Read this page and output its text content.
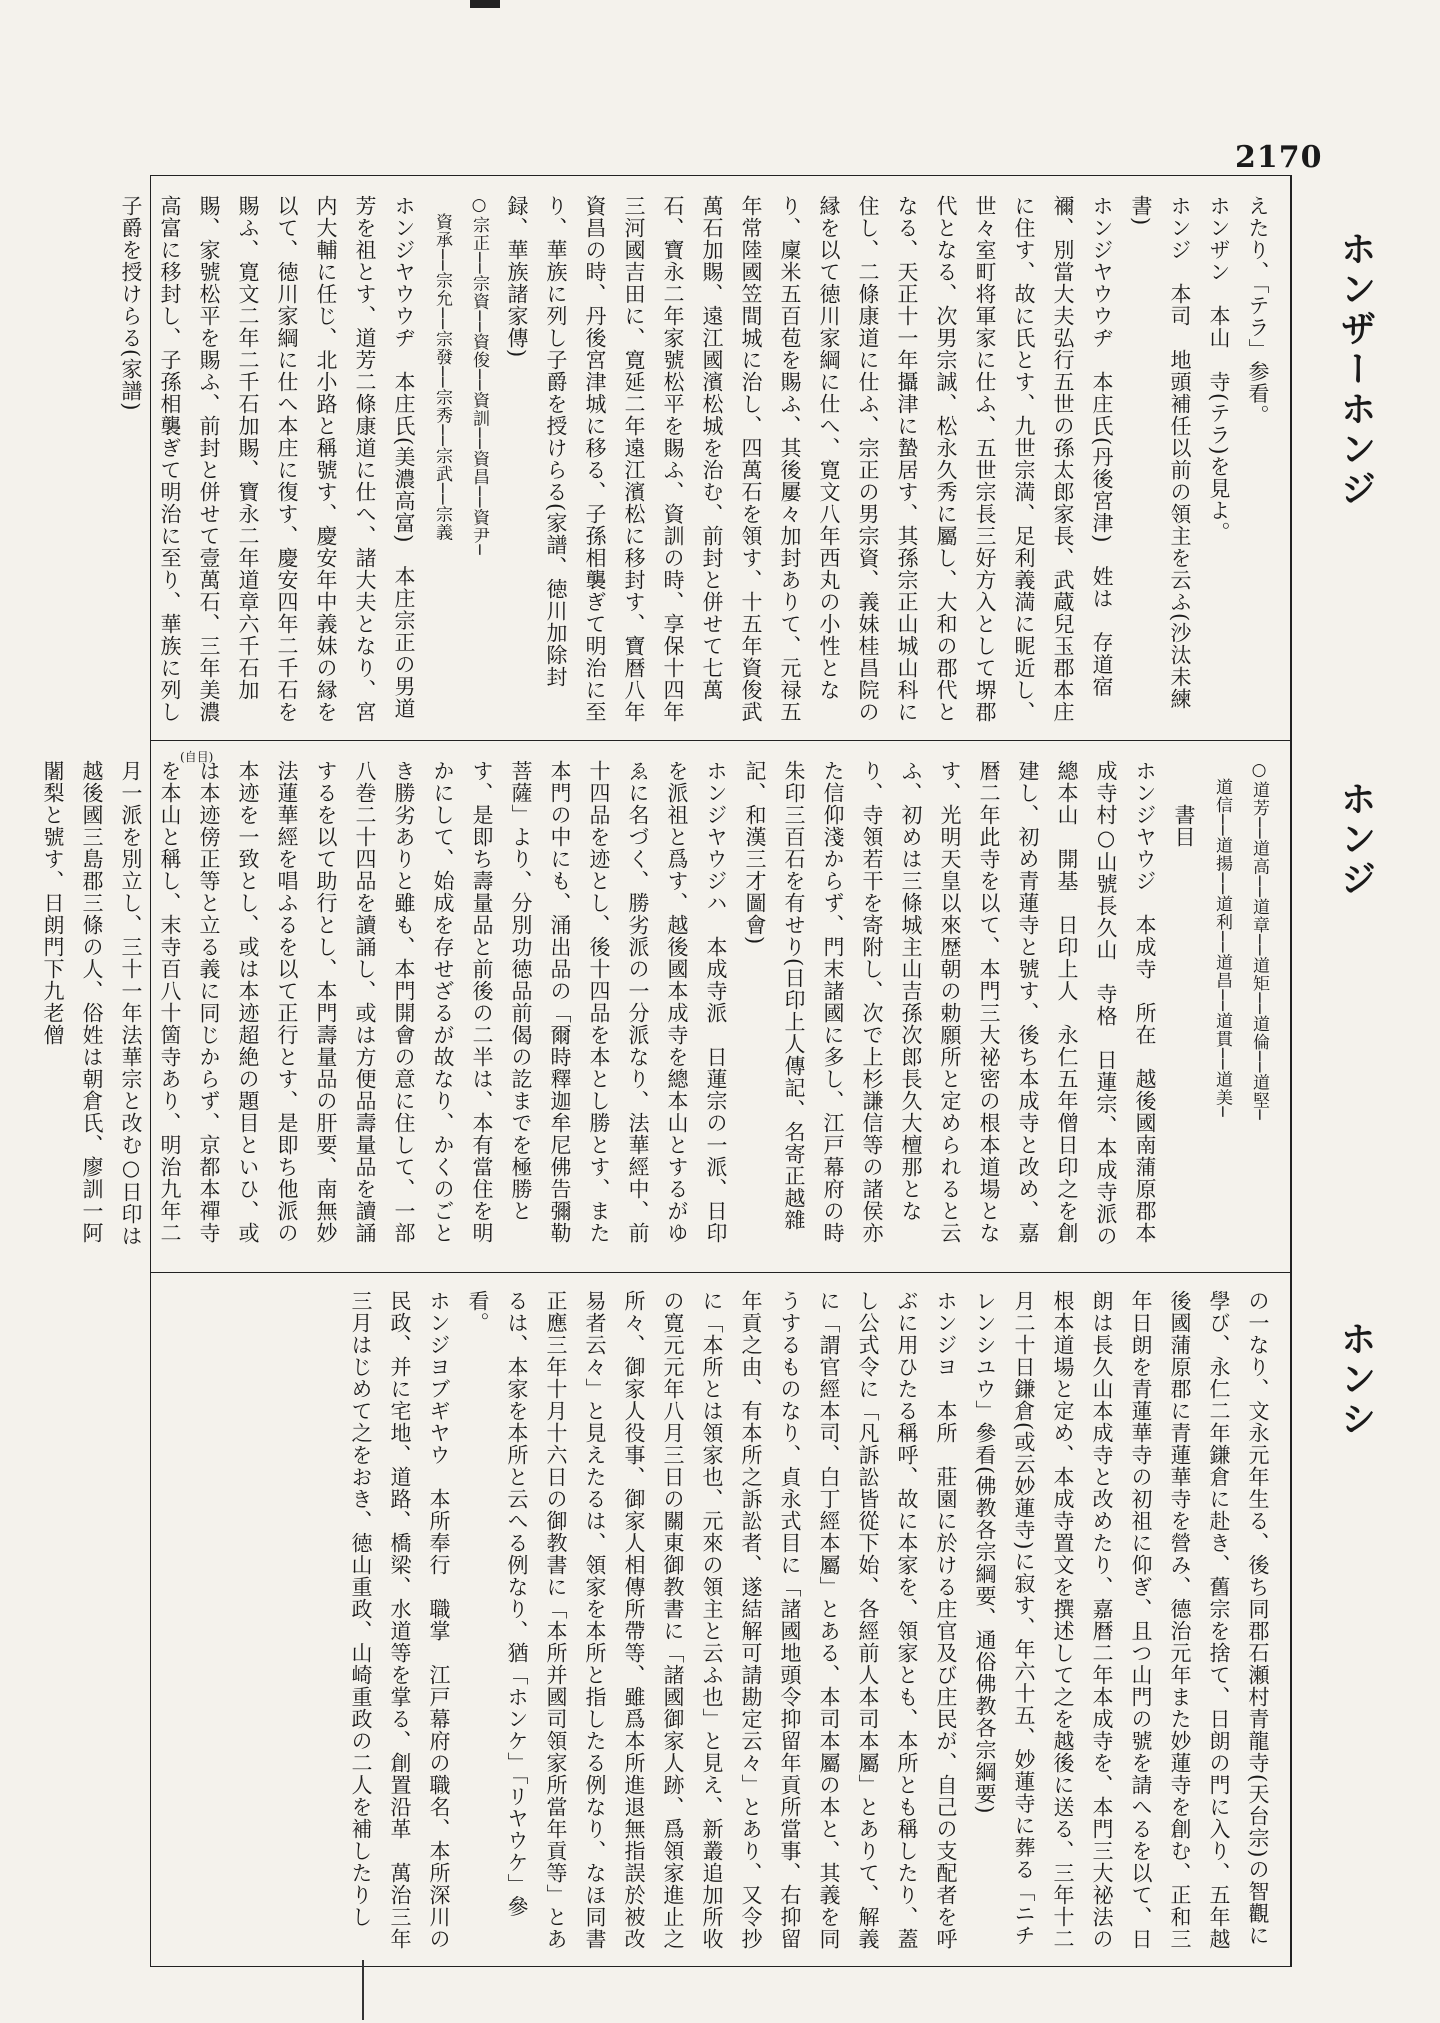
2170
ホンザーホンジ
ホンジ
ホンシ

えたり、「テラ」参看。

ホンザン　本山　寺(テラ)を見よ。

ホンジ　本司　地頭補任以前の領主を云ふ(沙汰未練書)

ホンジヤウウヂ　本庄氏(丹後宮津)　姓は　存道宿禰、別當大夫弘行五世の孫太郎家長、武蔵兒玉郡本庄に住す、故に氏とす、九世宗満、足利義満に昵近し、世々室町将軍家に仕ふ、五世宗長三好方入として堺郡代となる、次男宗誠、松永久秀に屬し、大和の郡代となる、天正十一年攝津に蟄居す、其孫宗正山城山科に住し、二條康道に仕ふ、宗正の男宗資、義妹桂昌院の縁を以て徳川家綱に仕へ、寛文八年西丸の小性となり、廩米五百苞を賜ふ、其後屢々加封ありて、元禄五年常陸國笠間城に治し、四萬石を領す、十五年資俊武萬石加賜、遠江國濱松城を治む、前封と併せて七萬石、寶永二年家號松平を賜ふ、資訓の時、享保十四年三河國吉田に、寛延二年遠江濱松に移封す、寶暦八年資昌の時、丹後宮津城に移る、子孫相襲ぎて明治に至り、華族に列し子爵を授けらる(家譜、徳川加除封録、華族諸家傳)

○宗正──宗資──資俊──資訓──資昌──資尹─

　資承──宗允──宗發──宗秀──宗武──宗義

ホンジヤウウヂ　本庄氏(美濃高富)　本庄宗正の男道芳を祖とす、道芳二條康道に仕へ、諸大夫となり、宮内大輔に任じ、北小路と稱號す、慶安年中義妹の縁を以て、徳川家綱に仕へ本庄に復す、慶安四年二千石を賜ふ、寛文二年二千石加賜、寶永二年道章六千石加賜、家號松平を賜ふ、前封と併せて壹萬石、三年美濃高富に移封し、子孫相襲ぎて明治に至り、華族に列し子爵を授けらる(家譜)

○道芳──道高──道章──道矩──道倫──道堅─

　道信──道揚──道利──道昌──道貫──道美─

　　書目

ホンジヤウジ　本成寺　所在　越後國南蒲原郡本成寺村○山號長久山　寺格　日蓮宗、本成寺派の總本山　開基　日印上人　永仁五年僧日印之を創建し、初め青蓮寺と號す、後ち本成寺と改め、嘉暦二年此寺を以て、本門三大祕密の根本道場となす、光明天皇以來歴朝の勅願所と定められると云ふ、初めは三條城主山吉孫次郎長久大檀那となり、寺領若干を寄附し、次で上杉謙信等の諸侯亦た信仰淺からず、門末諸國に多し、江戸幕府の時朱印三百石を有せり(日印上人傳記、名寄正越雜記、和漢三才圖會)

ホンジヤウジハ　本成寺派　日蓮宗の一派、日印を派祖と爲す、越後國本成寺を總本山とするがゆゑに名づく、勝劣派の一分派なり、法華經中、前十四品を迹とし、後十四品を本とし勝とす、また本門の中にも、涌出品の「爾時釋迦牟尼佛告彌勒菩薩」より、分別功徳品前偈の訖までを極勝とす、是即ち壽量品と前後の二半は、本有當住を明かにして、始成を存せざるが故なり、かくのごとき勝劣ありと雖も、本門開會の意に住して、一部八巻二十四品を讀誦し、或は方便品壽量品を讀誦するを以て助行とし、本門壽量品の肝要、南無妙法蓮華經を唱ふるを以て正行とす、是即ち他派の本迹を一致とし、或は本迹超絶の題目といひ、或は本迹傍正等と立る義に同じからず、京都本禪寺を本山と稱し、末寺百八十箇寺あり、明治九年二月一派を別立し、三十一年法華宗と改む○日印は越後國三島郡三條の人、俗姓は朝倉氏、廖訓一阿闍梨と號す、日朗門下九老僧

(自目)

の一なり、文永元年生る、後ち同郡石瀬村青龍寺(天台宗)の智觀に學び、永仁二年鎌倉に赴き、舊宗を捨て、日朗の門に入り、五年越後國蒲原郡に青蓮華寺を營み、德治元年また妙蓮寺を創む、正和三年日朗を青蓮華寺の初祖に仰ぎ、且つ山門の號を請へるを以て、日朗は長久山本成寺と改めたり、嘉暦二年本成寺を、本門三大祕法の根本道場と定め、本成寺置文を撰述して之を越後に送る、三年十二月二十日鎌倉(或云妙蓮寺)に寂す、年六十五、妙蓮寺に葬る「ニチレンシユウ」參看(佛教各宗綱要、通俗佛教各宗綱要)

ホンジヨ　本所　莊園に於ける庄官及び庄民が、自己の支配者を呼ぶに用ひたる稱呼、故に本家を、領家とも、本所とも稱したり、蓋し公式令に「凡訴訟皆從下始、各經前人本司本屬」とありて、解義に「謂官經本司、白丁經本屬」とある、本司本屬の本と、其義を同うするものなり、貞永式目に「諸國地頭令抑留年貢所當事、右抑留年貢之由、有本所之訴訟者、遂結解可請勘定云々」とあり、又令抄に「本所とは領家也、元來の領主と云ふ也」と見え、新叢追加所收の寛元元年八月三日の關東御教書に「諸國御家人跡、爲領家進止之所々、御家人役事、御家人相傳所帶等、雖爲本所進退無指誤於被改易者云々」と見えたるは、領家を本所と指したる例なり、なほ同書正應三年十月十六日の御教書に「本所并國司領家所當年貢等」とあるは、本家を本所と云へる例なり、猶「ホンケ」「リヤウケ」參看。

ホンジヨブギヤウ　本所奉行　職掌　江戸幕府の職名、本所深川の民政、并に宅地、道路、橋梁、水道等を掌る、創置沿革　萬治三年三月はじめて之をおき、徳山重政、山崎重政の二人を補したりし
